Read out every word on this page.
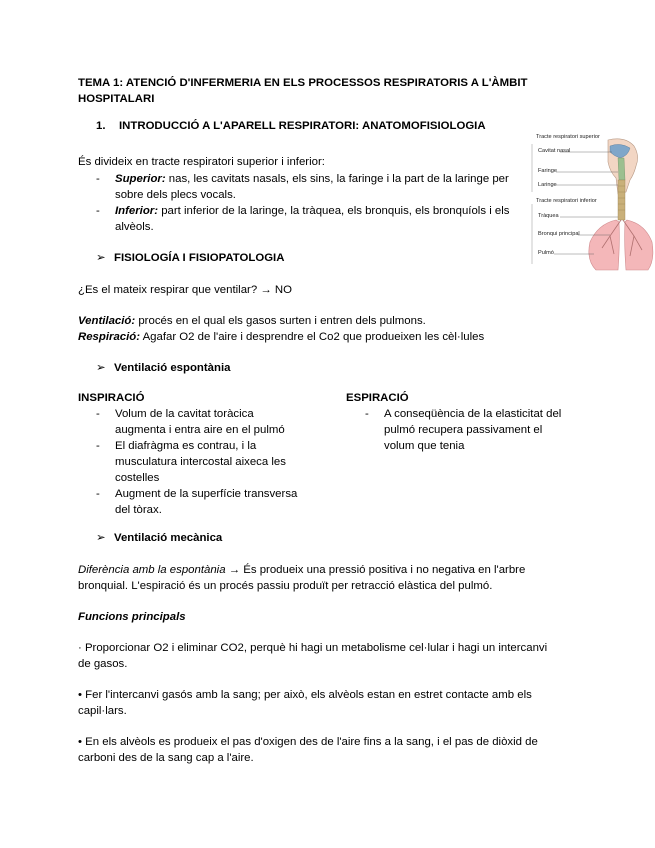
TEMA 1: ATENCIÓ D'INFERMERIA EN ELS PROCESSOS RESPIRATORIS A L'ÀMBIT
HOSPITALARI
1. INTRODUCCIÓ A L'APARELL RESPIRATORI: ANATOMOFISIOLOGIA
És divideix en tracte respiratori superior i inferior:
- Superior: nas, les cavitats nasals, els sins, la faringe i la part de la laringe per
sobre dels plecs vocals.
- Inferior: part inferior de la laringe, la tràquea, els bronquis, els bronquíols i els
alvèols.
Tracte respiratori superior
Cavitat nasal
Faringe
Laringe
Tracte respiratori inferior
Tràquea
Bronqui principal
Pulmó
➢ FISIOLOGÍA I FISIOPATOLOGIA
¿Es el mateix respirar que ventilar? → NO
Ventilació: procés en el qual els gasos surten i entren dels pulmons.
Respiració: Agafar O2 de l'aire i desprendre el Co2 que produeixen les cèl·lules
➢ Ventilació espontània
INSPIRACIÓ
- Volum de la cavitat toràcica
augmenta i entra aire en el pulmó
- El diafràgma es contrau, i la
musculatura intercostal aixeca les
costelles
- Augment de la superfície transversa
del tòrax.
ESPIRACIÓ
- A conseqüència de la elasticitat del
pulmó recupera passivament el
volum que tenia
➢ Ventilació mecànica
Diferència amb la espontània → És produeix una pressió positiva i no negativa en l'arbre
bronquial. L'espiració és un procés passiu produït per retracció elàstica del pulmó.
Funcions principals
· Proporcionar O2 i eliminar CO2, perquè hi hagi un metabolisme cel·lular i hagi un intercanvi
de gasos.
• Fer l'intercanvi gasós amb la sang; per això, els alvèols estan en estret contacte amb els
capil·lars.
• En els alvèols es produeix el pas d'oxigen des de l'aire fins a la sang, i el pas de diòxid de
carboni des de la sang cap a l'aire.
